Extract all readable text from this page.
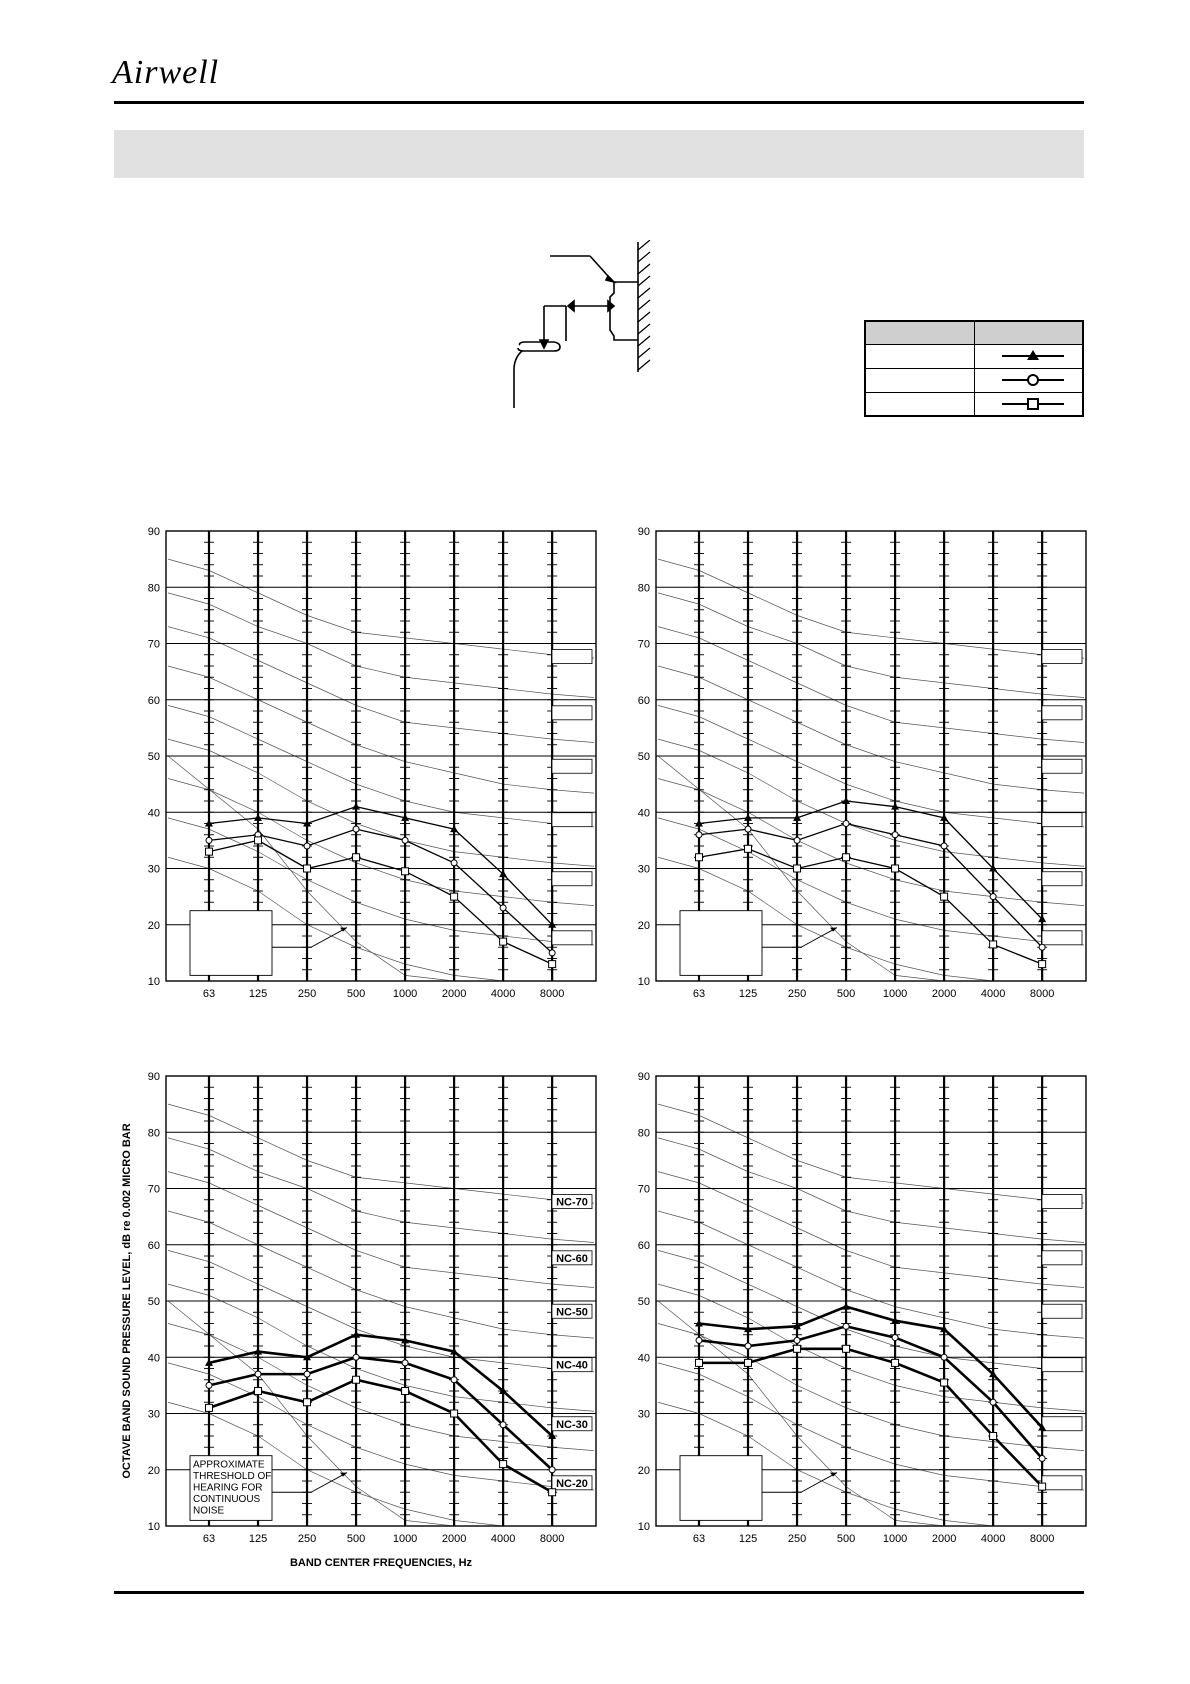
Airwell
10
20
30
40
50
60
70
80
90
63	125	250	500	1000 2000 4000 8000
10
20
30
40
50
60
70
80
90
63	125	250	500	1000 2000 4000 8000
10
20
30
40
50
60
70
80
90
63	125	250	500	1000 2000 4000 8000
NC-70
NC-60
NC-50
NC-40
NC-30
NC-20
APPROXIMATE
THRESHOLD OF
HEARING FOR
CONTINUOUS
NOISE
OCTAVE BAND SOUND PRESSURE LEVEL, dB re 0.002 MICRO BAR
BAND CENTER FREQUENCIES, Hz
10
20
30
40
50
60
70
80
90
63	125	250	500	1000 2000 4000 8000
